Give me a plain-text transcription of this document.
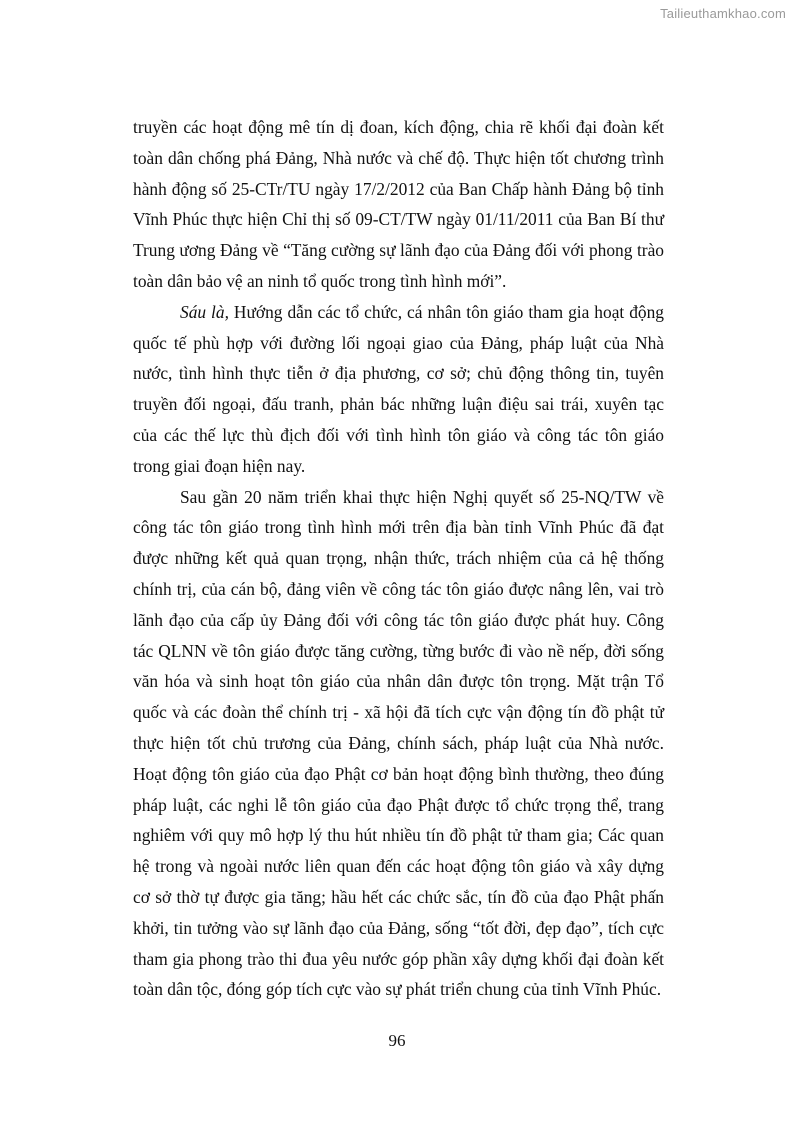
Tailieuthamkhao.com

truyền các hoạt động mê tín dị đoan, kích động, chia rẽ khối đại đoàn kết toàn dân chống phá Đảng, Nhà nước và chế độ. Thực hiện tốt chương trình hành động số 25-CTr/TU ngày 17/2/2012 của Ban Chấp hành Đảng bộ tỉnh Vĩnh Phúc thực hiện Chỉ thị số 09-CT/TW ngày 01/11/2011 của Ban Bí thư Trung ương Đảng về “Tăng cường sự lãnh đạo của Đảng đối với phong trào toàn dân bảo vệ an ninh tổ quốc trong tình hình mới”.

Sáu là, Hướng dẫn các tổ chức, cá nhân tôn giáo tham gia hoạt động quốc tế phù hợp với đường lối ngoại giao của Đảng, pháp luật của Nhà nước, tình hình thực tiễn ở địa phương, cơ sở; chủ động thông tin, tuyên truyền đối ngoại, đấu tranh, phản bác những luận điệu sai trái, xuyên tạc của các thế lực thù địch đối với tình hình tôn giáo và công tác tôn giáo trong giai đoạn hiện nay.

Sau gần 20 năm triển khai thực hiện Nghị quyết số 25-NQ/TW về công tác tôn giáo trong tình hình mới trên địa bàn tỉnh Vĩnh Phúc đã đạt được những kết quả quan trọng, nhận thức, trách nhiệm của cả hệ thống chính trị, của cán bộ, đảng viên về công tác tôn giáo được nâng lên, vai trò lãnh đạo của cấp ủy Đảng đối với công tác tôn giáo được phát huy. Công tác QLNN về tôn giáo được tăng cường, từng bước đi vào nề nếp, đời sống văn hóa và sinh hoạt tôn giáo của nhân dân được tôn trọng. Mặt trận Tổ quốc và các đoàn thể chính trị - xã hội đã tích cực vận động tín đồ phật tử thực hiện tốt chủ trương của Đảng, chính sách, pháp luật của Nhà nước. Hoạt động tôn giáo của đạo Phật cơ bản hoạt động bình thường, theo đúng pháp luật, các nghi lễ tôn giáo của đạo Phật được tổ chức trọng thể, trang nghiêm với quy mô hợp lý thu hút nhiều tín đồ phật tử tham gia; Các quan hệ trong và ngoài nước liên quan đến các hoạt động tôn giáo và xây dựng cơ sở thờ tự được gia tăng; hầu hết các chức sắc, tín đồ của đạo Phật phấn khởi, tin tưởng vào sự lãnh đạo của Đảng, sống “tốt đời, đẹp đạo”, tích cực tham gia phong trào thi đua yêu nước góp phần xây dựng khối đại đoàn kết toàn dân tộc, đóng góp tích cực vào sự phát triển chung của tỉnh Vĩnh Phúc.

96
